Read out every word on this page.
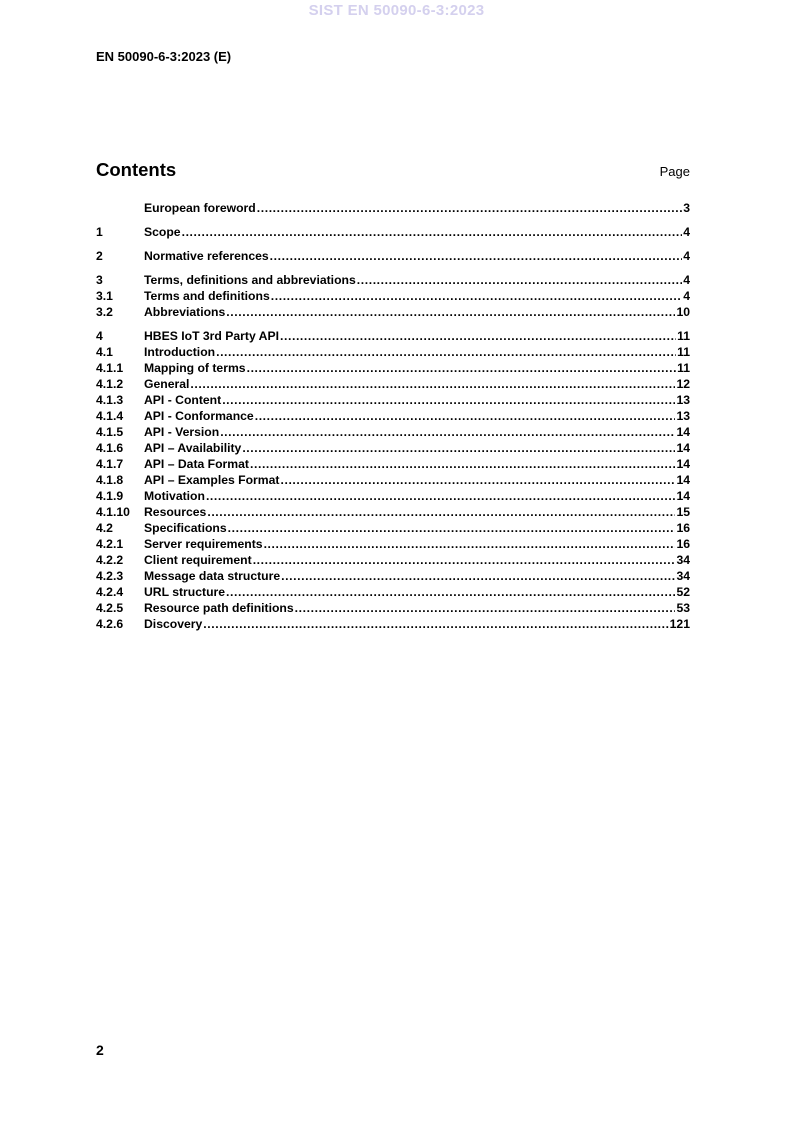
SIST EN 50090-6-3:2023
EN 50090-6-3:2023 (E)
Contents	Page
European foreword .....	3
1	Scope .....	4
2	Normative references .....	4
3	Terms, definitions and abbreviations .....	4
3.1	Terms and definitions .....	4
3.2	Abbreviations .....	10
4	HBES IoT 3rd Party API .....	11
4.1	Introduction .....	11
4.1.1	Mapping of terms .....	11
4.1.2	General .....	12
4.1.3	API - Content .....	13
4.1.4	API - Conformance .....	13
4.1.5	API - Version .....	14
4.1.6	API – Availability .....	14
4.1.7	API – Data Format .....	14
4.1.8	API – Examples Format .....	14
4.1.9	Motivation .....	14
4.1.10	Resources .....	15
4.2	Specifications .....	16
4.2.1	Server requirements .....	16
4.2.2	Client requirement .....	34
4.2.3	Message data structure .....	34
4.2.4	URL structure .....	52
4.2.5	Resource path definitions .....	53
4.2.6	Discovery .....	121
2
